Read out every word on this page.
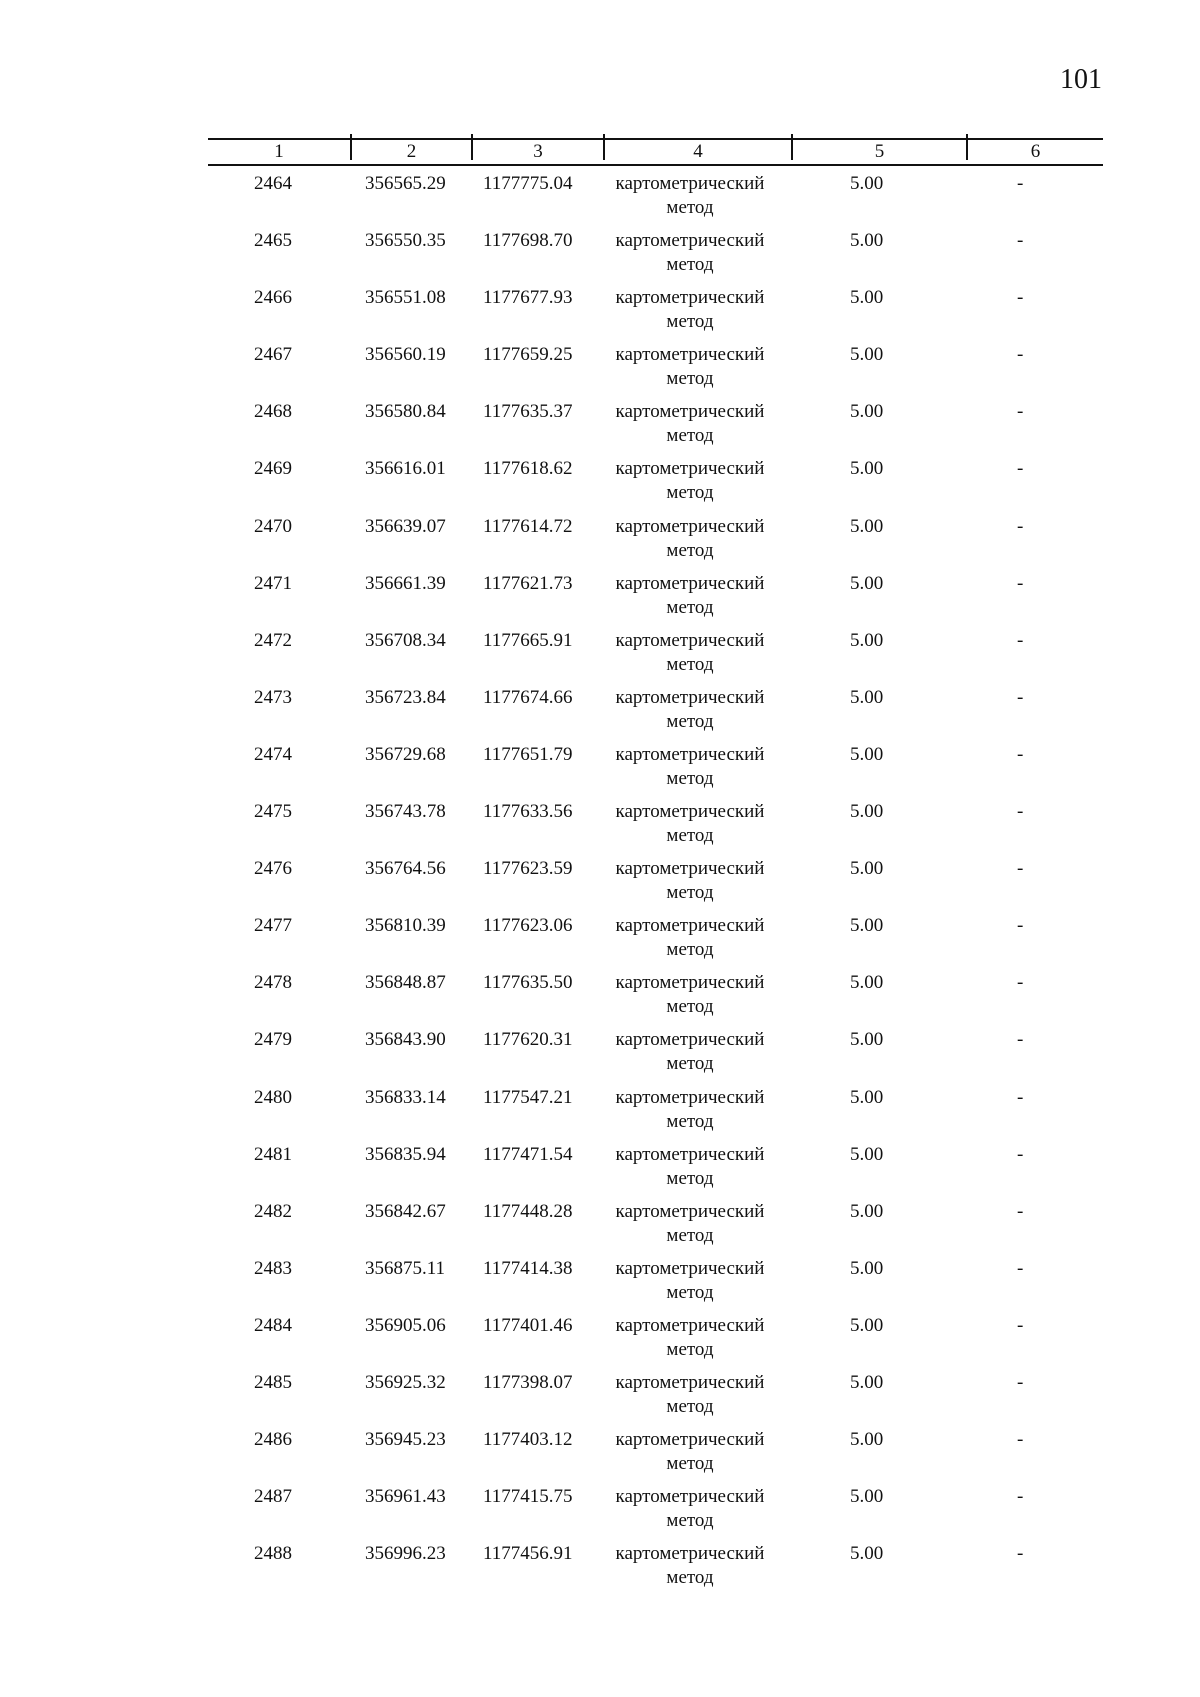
101
1	2	3	4	5	6
2464	356565.29 1177775.04	картометрический
метод
5.00	-
2465	356550.35 1177698.70	картометрический
метод
5.00	-
2466	356551.08 1177677.93	картометрический
метод
5.00	-
2467	356560.19 1177659.25	картометрический
метод
5.00	-
2468	356580.84 1177635.37	картометрический
метод
5.00	-
2469	356616.01 1177618.62	картометрический
метод
5.00	-
2470	356639.07 1177614.72	картометрический
метод
5.00	-
2471	356661.39 1177621.73	картометрический
метод
5.00	-
2472	356708.34 1177665.91	картометрический
метод
5.00	-
2473	356723.84 1177674.66	картометрический
метод
5.00	-
2474	356729.68 1177651.79	картометрический
метод
5.00	-
2475	356743.78 1177633.56	картометрический
метод
5.00	-
2476	356764.56 1177623.59	картометрический
метод
5.00	-
2477	356810.39 1177623.06	картометрический
метод
5.00	-
2478	356848.87 1177635.50	картометрический
метод
5.00	-
2479	356843.90 1177620.31	картометрический
метод
5.00	-
2480	356833.14 1177547.21	картометрический
метод
5.00	-
2481	356835.94 1177471.54	картометрический
метод
5.00	-
2482	356842.67 1177448.28	картометрический
метод
5.00	-
2483	356875.11 1177414.38	картометрический
метод
5.00	-
2484	356905.06 1177401.46	картометрический
метод
5.00	-
2485	356925.32 1177398.07	картометрический
метод
5.00	-
2486	356945.23 1177403.12	картометрический
метод
5.00	-
2487	356961.43 1177415.75	картометрический
метод
5.00	-
2488	356996.23 1177456.91	картометрический
метод
5.00	-
